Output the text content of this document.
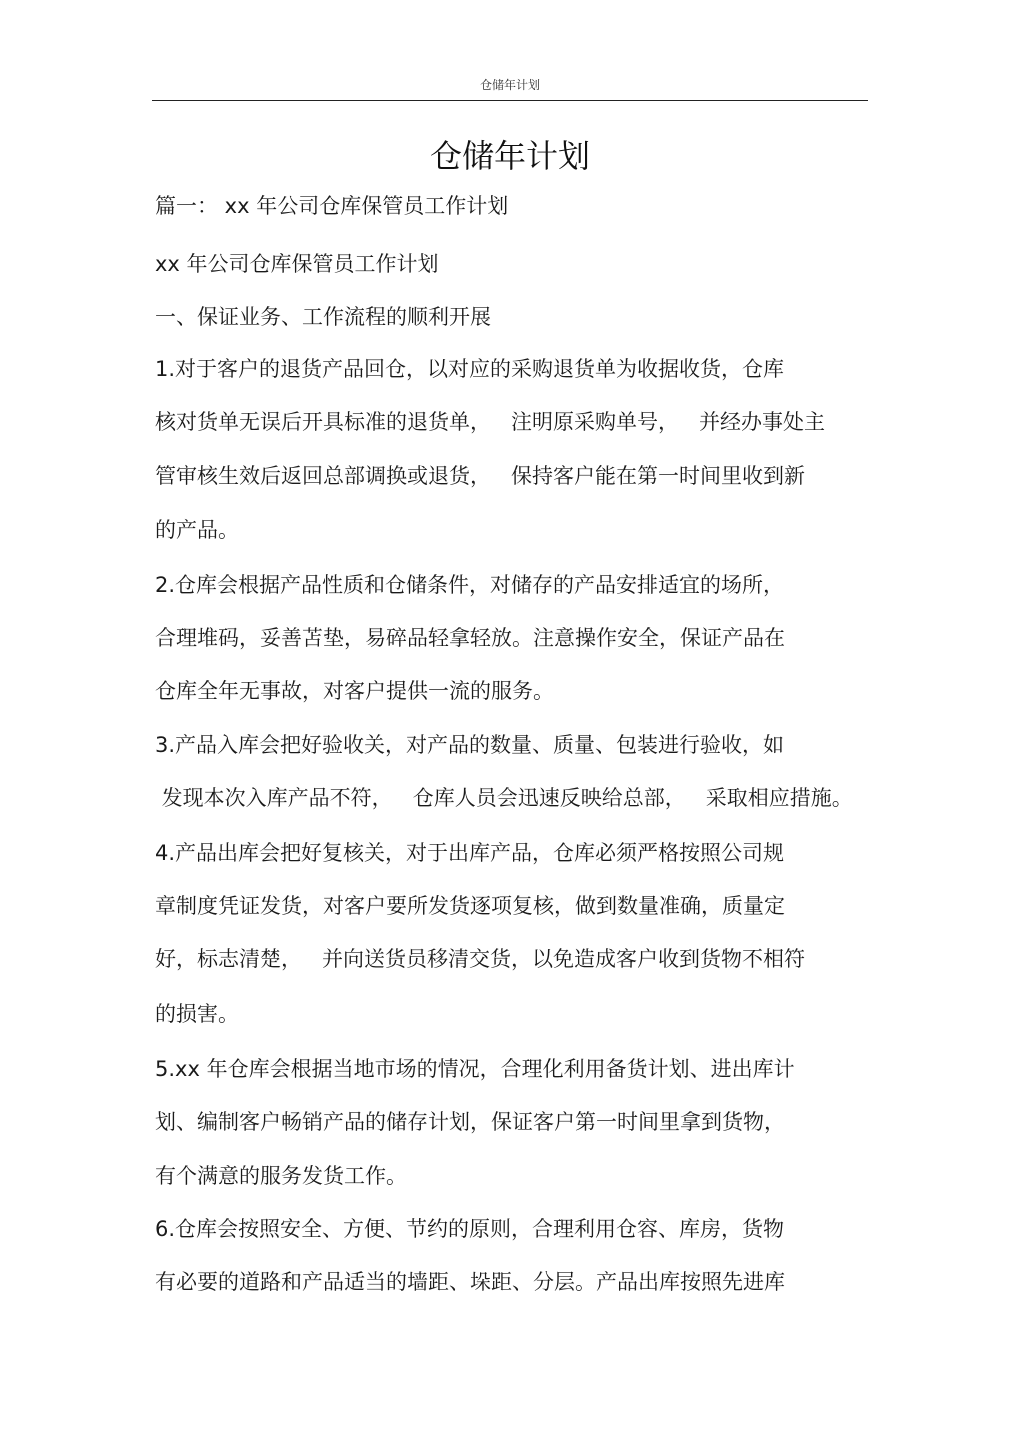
仓储年计划
仓储年计划
篇一： xx 年公司仓库保管员工作计划
xx 年公司仓库保管员工作计划
一、保证业务、工作流程的顺利开展
1.对于客户的退货产品回仓，以对应的采购退货单为收据收货，仓库
核对货单无误后开具标准的退货单，   注明原采购单号，   并经办事处主
管审核生效后返回总部调换或退货，   保持客户能在第一时间里收到新
的产品。
2.仓库会根据产品性质和仓储条件，对储存的产品安排适宜的场所，
合理堆码，妥善苫垫，易碎品轻拿轻放。注意操作安全，保证产品在
仓库全年无事故，对客户提供一流的服务。
3.产品入库会把好验收关，对产品的数量、质量、包装进行验收，如
发现本次入库产品不符，   仓库人员会迅速反映给总部，   采取相应措施。
4.产品出库会把好复核关，对于出库产品，仓库必须严格按照公司规
章制度凭证发货，对客户要所发货逐项复核，做到数量准确，质量定
好，标志清楚，   并向送货员移清交货，以免造成客户收到货物不相符
的损害。
5.xx 年仓库会根据当地市场的情况，合理化利用备货计划、进出库计
划、编制客户畅销产品的储存计划，保证客户第一时间里拿到货物，
有个满意的服务发货工作。
6.仓库会按照安全、方便、节约的原则，合理利用仓容、库房，货物
有必要的道路和产品适当的墙距、垛距、分层。产品出库按照先进库
